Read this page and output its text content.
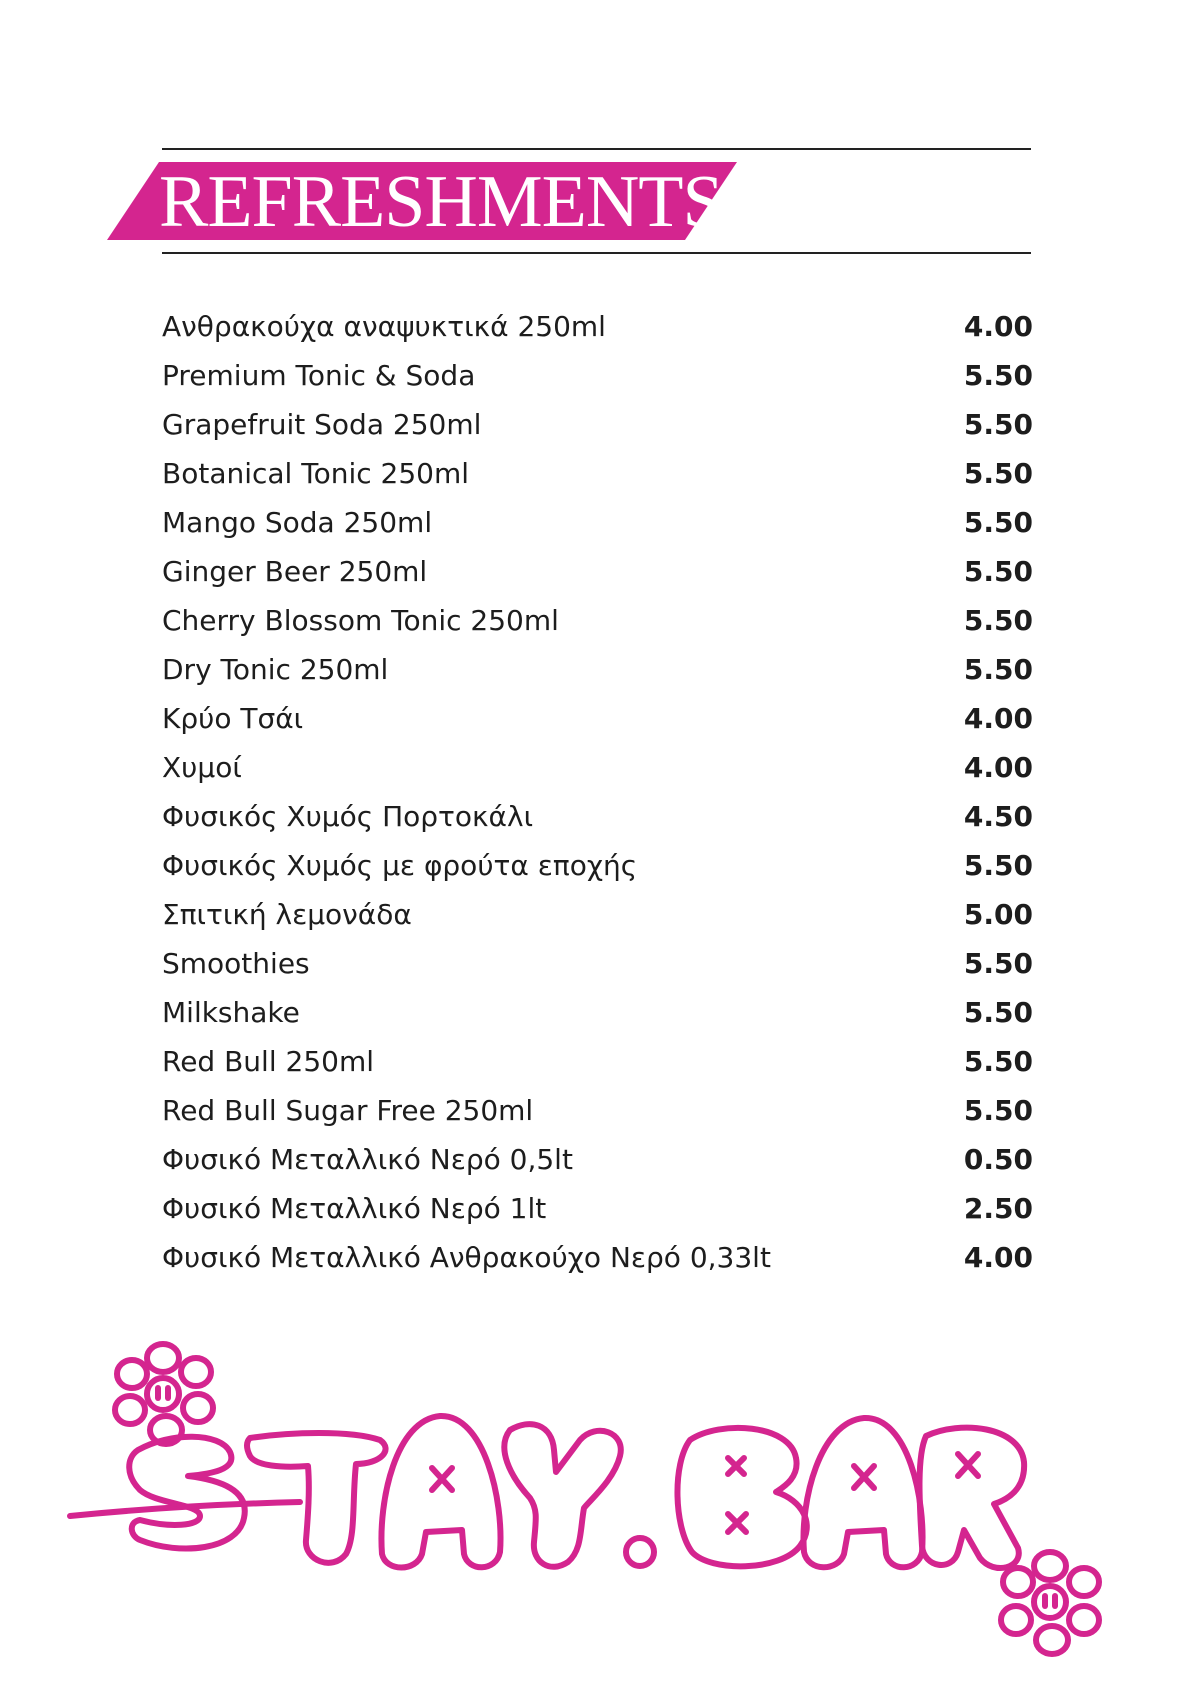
REFRESHMENTS
Ανθρακούχα αναψυκτικά 250ml	4.00
Premium Tonic & Soda	5.50
Grapefruit Soda 250ml	5.50
Botanical Tonic 250ml	5.50
Mango Soda 250ml	5.50
Ginger Beer 250ml	5.50
Cherry Blossom Tonic 250ml	5.50
Dry Tonic 250ml	5.50
Κρύο Τσάι	4.00
Χυμοί	4.00
Φυσικός Χυμός Πορτοκάλι	4.50
Φυσικός Χυμός με φρούτα εποχής	5.50
Σπιτική λεμονάδα	5.00
Smoothies	5.50
Milkshake	5.50
Red Bull 250ml	5.50
Red Bull Sugar Free 250ml	5.50
Φυσικό Μεταλλικό Νερό 0,5lt	0.50
Φυσικό Μεταλλικό Νερό 1lt	2.50
Φυσικό Μεταλλικό Ανθρακούχο Νερό 0,33lt	4.00
